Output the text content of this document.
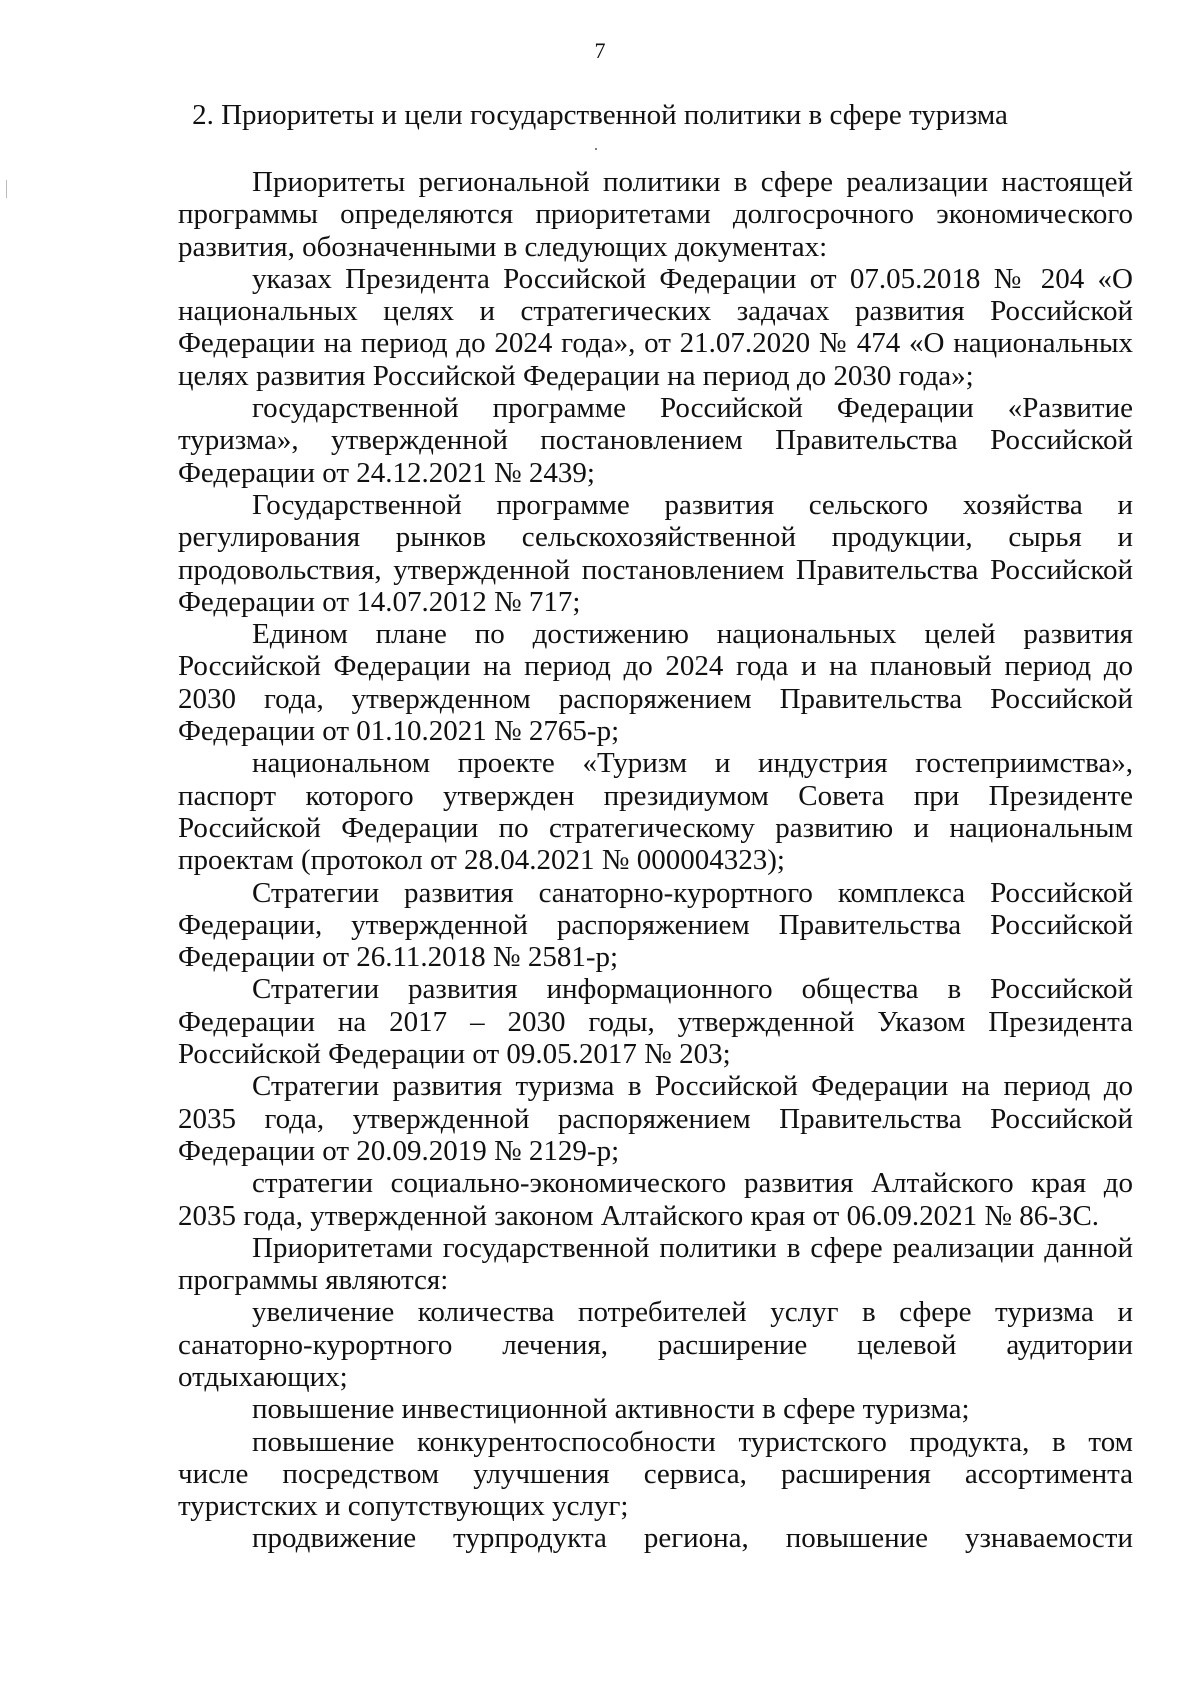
7
2. Приоритеты и цели государственной политики в сфере туризма

Приоритеты региональной политики в сфере реализации настоящей программы определяются приоритетами долгосрочного экономического развития, обозначенными в следующих документах:

указах Президента Российской Федерации от 07.05.2018 № 204 «О национальных целях и стратегических задачах развития Российской Федерации на период до 2024 года», от 21.07.2020 № 474 «О национальных целях развития Российской Федерации на период до 2030 года»;

государственной программе Российской Федерации «Развитие туризма», утвержденной постановлением Правительства Российской Федерации от 24.12.2021 № 2439;

Государственной программе развития сельского хозяйства и регулирования рынков сельскохозяйственной продукции, сырья и продовольствия, утвержденной постановлением Правительства Российской Федерации от 14.07.2012 № 717;

Едином плане по достижению национальных целей развития Российской Федерации на период до 2024 года и на плановый период до 2030 года, утвержденном распоряжением Правительства Российской Федерации от 01.10.2021 № 2765-р;

национальном проекте «Туризм и индустрия гостеприимства», паспорт которого утвержден президиумом Совета при Президенте Российской Федерации по стратегическому развитию и национальным проектам (протокол от 28.04.2021 № 000004323);

Стратегии развития санаторно-курортного комплекса Российской Федерации, утвержденной распоряжением Правительства Российской Федерации от 26.11.2018 № 2581-р;

Стратегии развития информационного общества в Российской Федерации на 2017 – 2030 годы, утвержденной Указом Президента Российской Федерации от 09.05.2017 № 203;

Стратегии развития туризма в Российской Федерации на период до 2035 года, утвержденной распоряжением Правительства Российской Федерации от 20.09.2019 № 2129-р;

стратегии социально-экономического развития Алтайского края до 2035 года, утвержденной законом Алтайского края от 06.09.2021 № 86-ЗС.

Приоритетами государственной политики в сфере реализации данной программы являются:

увеличение количества потребителей услуг в сфере туризма и санаторно-курортного лечения, расширение целевой аудитории отдыхающих;

повышение инвестиционной активности в сфере туризма;

повышение конкурентоспособности туристского продукта, в том числе посредством улучшения сервиса, расширения ассортимента туристских и сопутствующих услуг;

продвижение турпродукта региона, повышение узнаваемости
